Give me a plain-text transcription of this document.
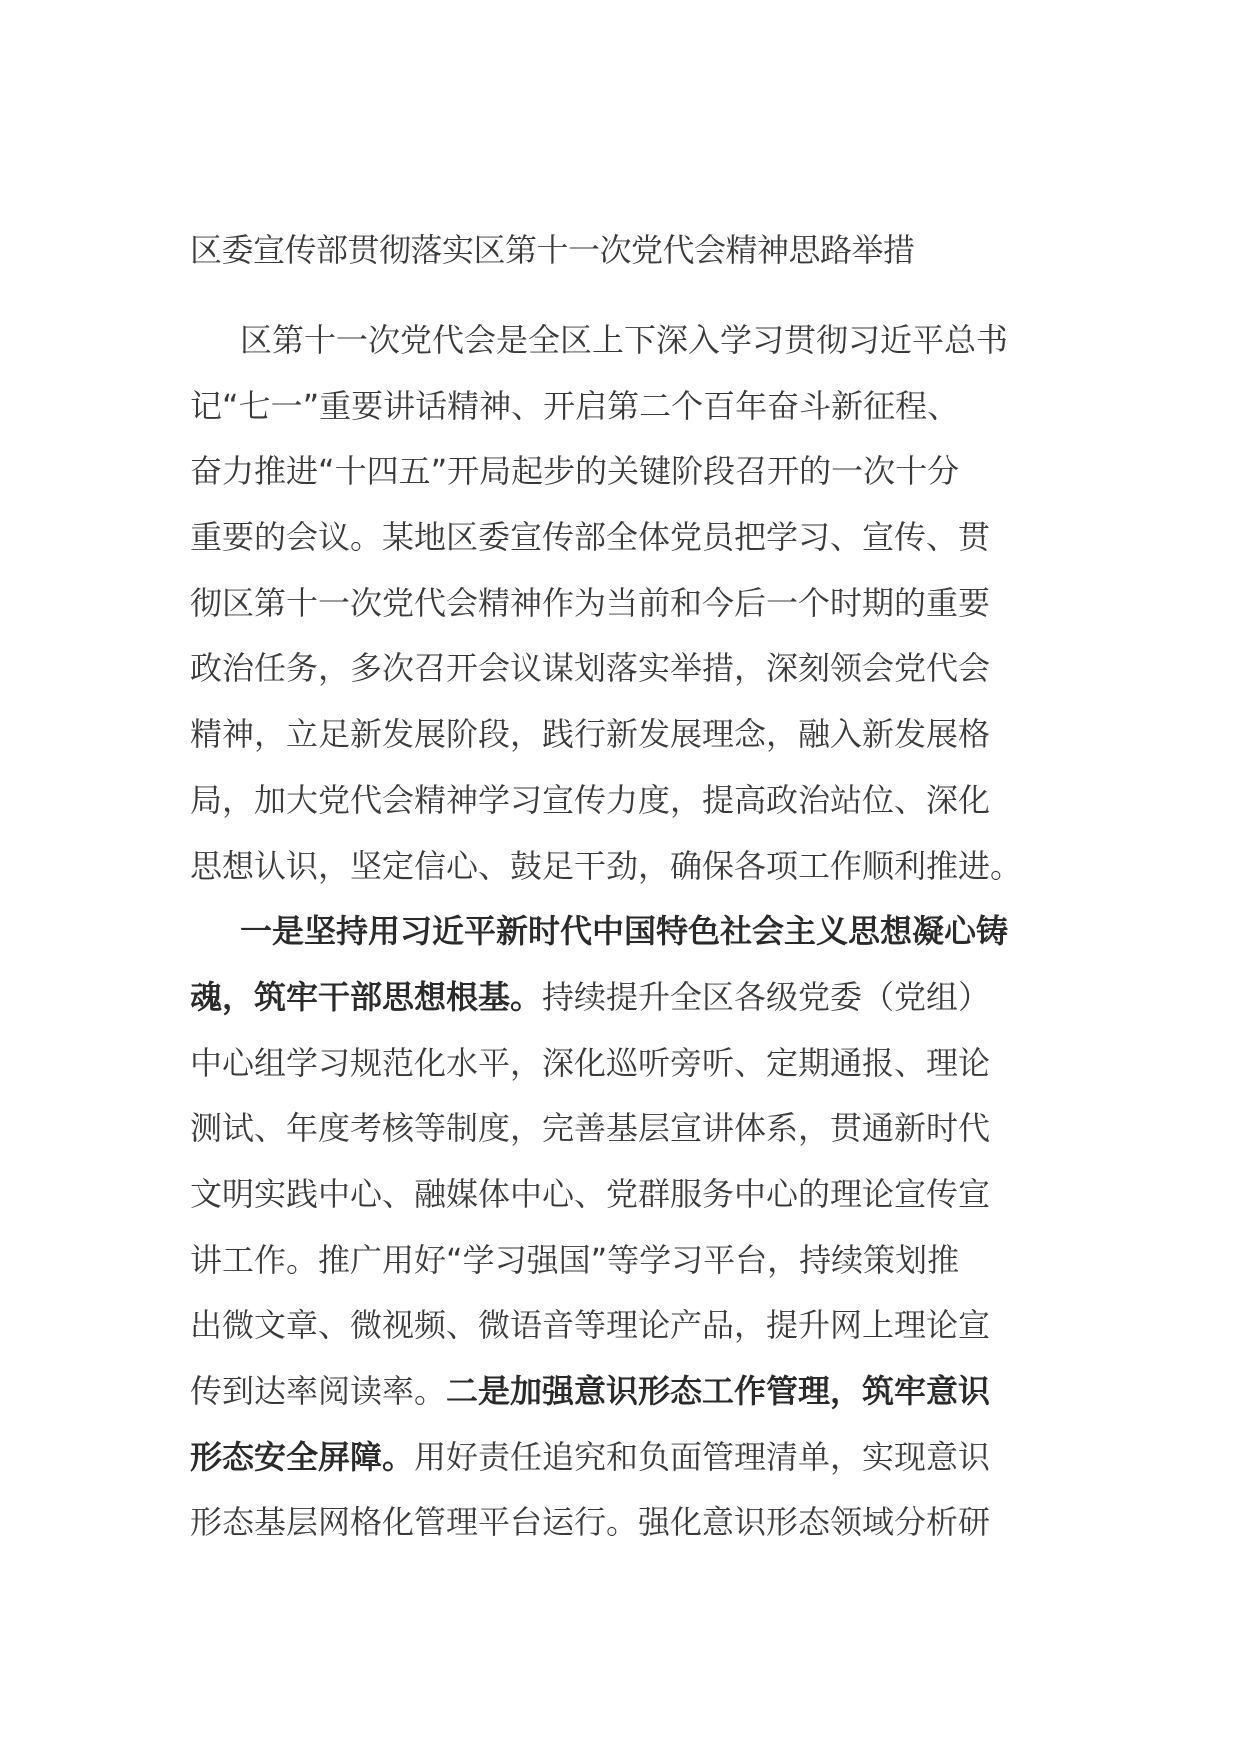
区委宣传部贯彻落实区第十一次党代会精神思路举措
区第十一次党代会是全区上下深入学习贯彻习近平总书
记“七一”重要讲话精神、开启第二个百年奋斗新征程、
奋力推进“十四五”开局起步的关键阶段召开的一次十分
重要的会议。某地区委宣传部全体党员把学习、宣传、贯
彻区第十一次党代会精神作为当前和今后一个时期的重要
政治任务，多次召开会议谋划落实举措，深刻领会党代会
精神，立足新发展阶段，践行新发展理念，融入新发展格
局，加大党代会精神学习宣传力度，提高政治站位、深化
思想认识，坚定信心、鼓足干劲，确保各项工作顺利推进。
一是坚持用习近平新时代中国特色社会主义思想凝心铸
魂，筑牢干部思想根基。持续提升全区各级党委（党组）
中心组学习规范化水平，深化巡听旁听、定期通报、理论
测试、年度考核等制度，完善基层宣讲体系，贯通新时代
文明实践中心、融媒体中心、党群服务中心的理论宣传宣
讲工作。推广用好“学习强国”等学习平台，持续策划推
出微文章、微视频、微语音等理论产品，提升网上理论宣
传到达率阅读率。二是加强意识形态工作管理，筑牢意识
形态安全屏障。用好责任追究和负面管理清单，实现意识
形态基层网格化管理平台运行。强化意识形态领域分析研
